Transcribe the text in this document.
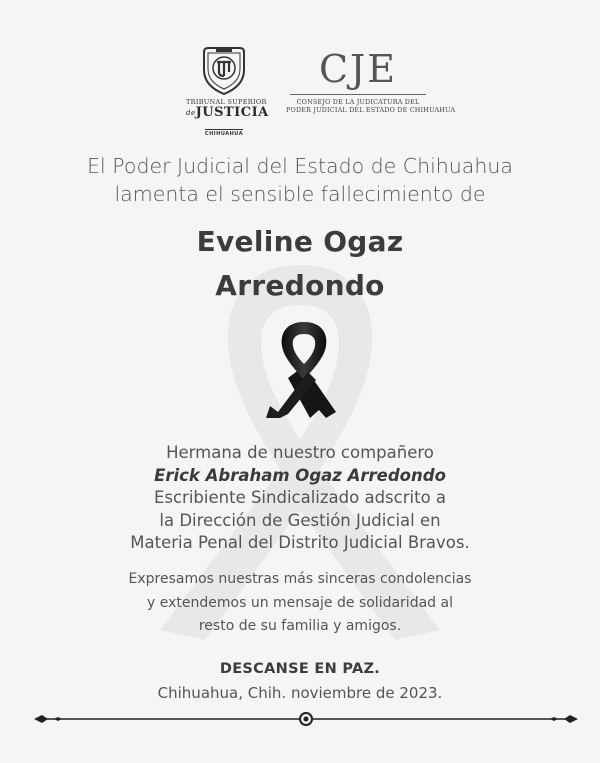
TRIBUNAL SUPERIOR
$^{de}$JUSTICIA
CHIHUAHUA
CJE
CONSEJO DE LA JUDICATURA DEL
PODER JUDICIAL DEL ESTADO DE CHIHUAHUA
El Poder Judicial del Estado de Chihuahua
lamenta el sensible fallecimiento de
Eveline Ogaz
Arredondo
Hermana de nuestro compañero
Erick Abraham Ogaz Arredondo
Escribiente Sindicalizado adscrito a
la Dirección de Gestión Judicial en
Materia Penal del Distrito Judicial Bravos.
Expresamos nuestras más sinceras condolencias
y extendemos un mensaje de solidaridad al
resto de su familia y amigos.
DESCANSE EN PAZ.
Chihuahua, Chih. noviembre de 2023.
